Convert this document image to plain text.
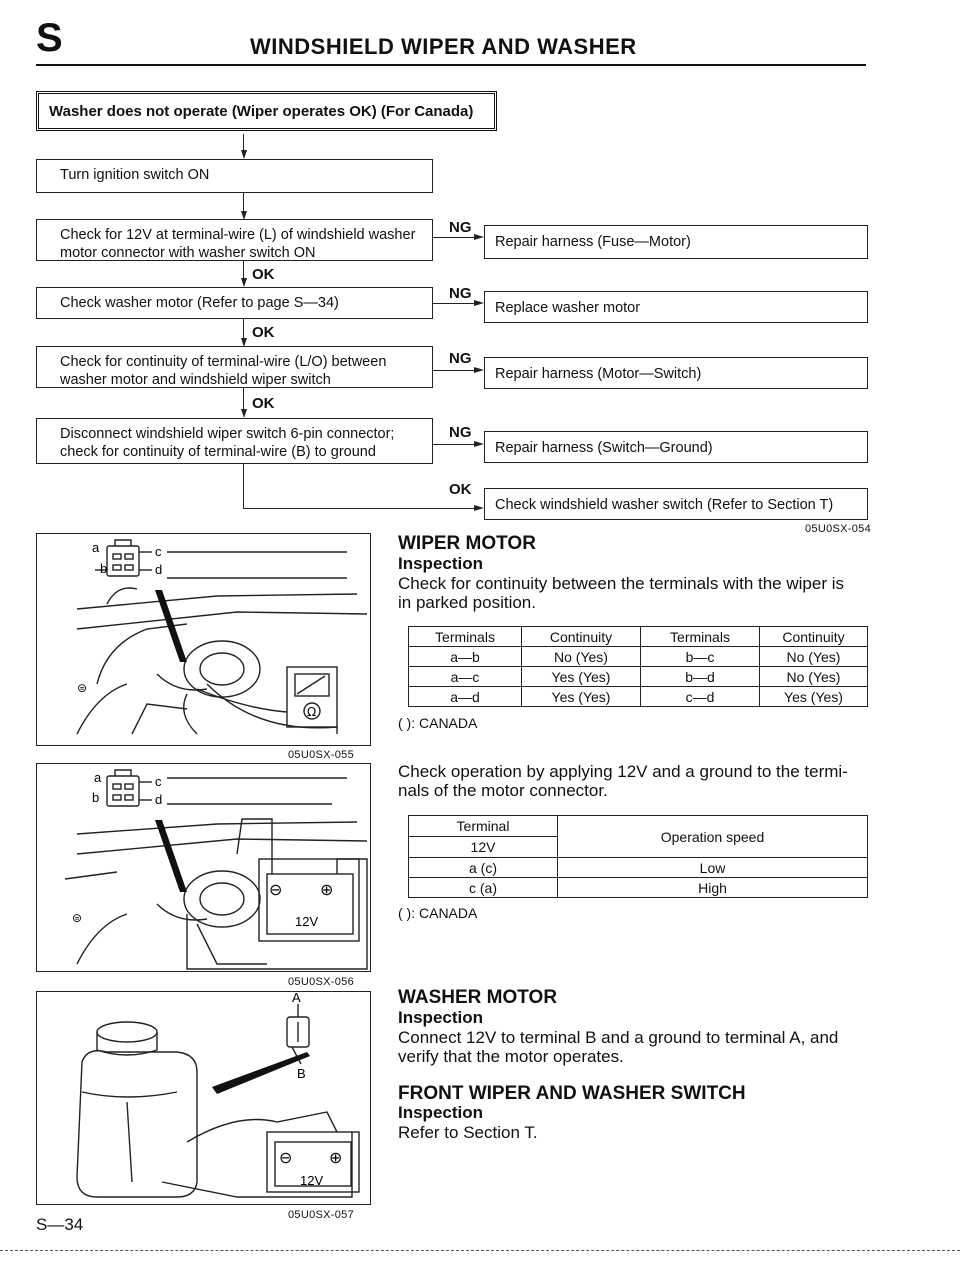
S	WINDSHIELD WIPER AND WASHER
Washer does not operate (Wiper operates OK) (For Canada)
Turn ignition switch ON
Check for 12V at terminal-wire (L) of windshield washer
motor connector with washer switch ON
OK
Check washer motor (Refer to page S—34)
OK
Check for continuity of terminal-wire (L/O) between
washer motor and windshield wiper switch
OK
Disconnect windshield wiper switch 6-pin connector;
check for continuity of terminal-wire (B) to ground
NG
Repair harness (Fuse—Motor)
NG
Replace washer motor
NG
Repair harness (Motor—Switch)
NG
Repair harness (Switch—Ground)
OK
Check windshield washer switch (Refer to Section T)
05U0SX-054
b
a	c
d
Ω
⊜
05U0SX-055
a
b
c
d
⊖ ⊕
12V
⊜
05U0SX-056
A
B
⊖ ⊕
12V
05U0SX-057
WIPER MOTOR
Inspection
Check for continuity between the terminals with the wiper is
in parked position.
Terminals	Continuity	Terminals	Continuity
a—b	No (Yes)	b—c	No (Yes)
a—c	Yes (Yes)	b—d	No (Yes)
a—d	Yes (Yes)	c—d	Yes (Yes)
( ): CANADA
Check operation by applying 12V and a ground to the termi-
nals of the motor connector.
Terminal	Operation speed
12V	
a (c)	Low
c (a)	High
( ): CANADA
WASHER MOTOR
Inspection
Connect 12V to terminal B and a ground to terminal A, and
verify that the motor operates.
FRONT WIPER AND WASHER SWITCH
Inspection
Refer to Section T.
S—34
